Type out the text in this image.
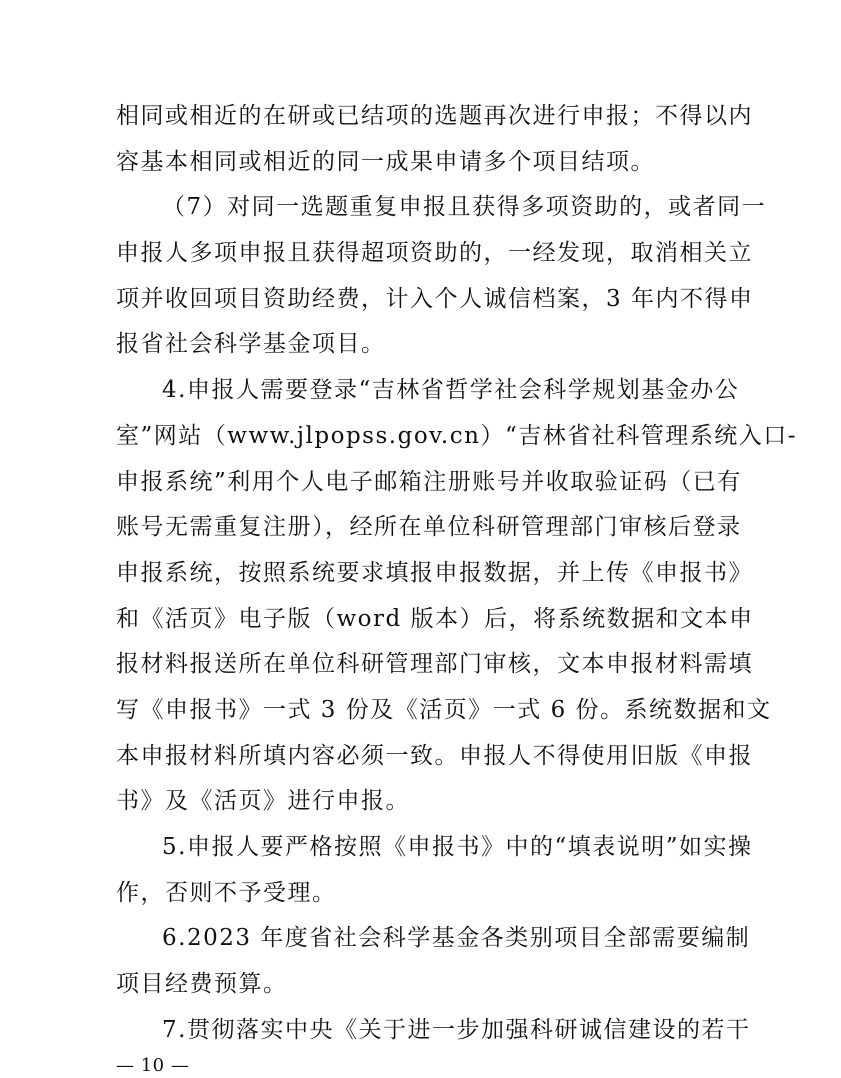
相同或相近的在研或已结项的选题再次进行申报；不得以内
容基本相同或相近的同一成果申请多个项目结项。

（7）对同一选题重复申报且获得多项资助的，或者同一
申报人多项申报且获得超项资助的，一经发现，取消相关立
项并收回项目资助经费，计入个人诚信档案，3 年内不得申
报省社会科学基金项目。

4.申报人需要登录“吉林省哲学社会科学规划基金办公
室”网站（www.jlpopss.gov.cn）“吉林省社科管理系统入口-
申报系统”利用个人电子邮箱注册账号并收取验证码（已有
账号无需重复注册），经所在单位科研管理部门审核后登录
申报系统，按照系统要求填报申报数据，并上传《申报书》
和《活页》电子版（word 版本）后，将系统数据和文本申
报材料报送所在单位科研管理部门审核，文本申报材料需填
写《申报书》一式 3 份及《活页》一式 6 份。系统数据和文
本申报材料所填内容必须一致。申报人不得使用旧版《申报
书》及《活页》进行申报。

5.申报人要严格按照《申报书》中的“填表说明”如实操
作，否则不予受理。

6.2023 年度省社会科学基金各类别项目全部需要编制
项目经费预算。

7.贯彻落实中央《关于进一步加强科研诚信建设的若干

— 10 —
